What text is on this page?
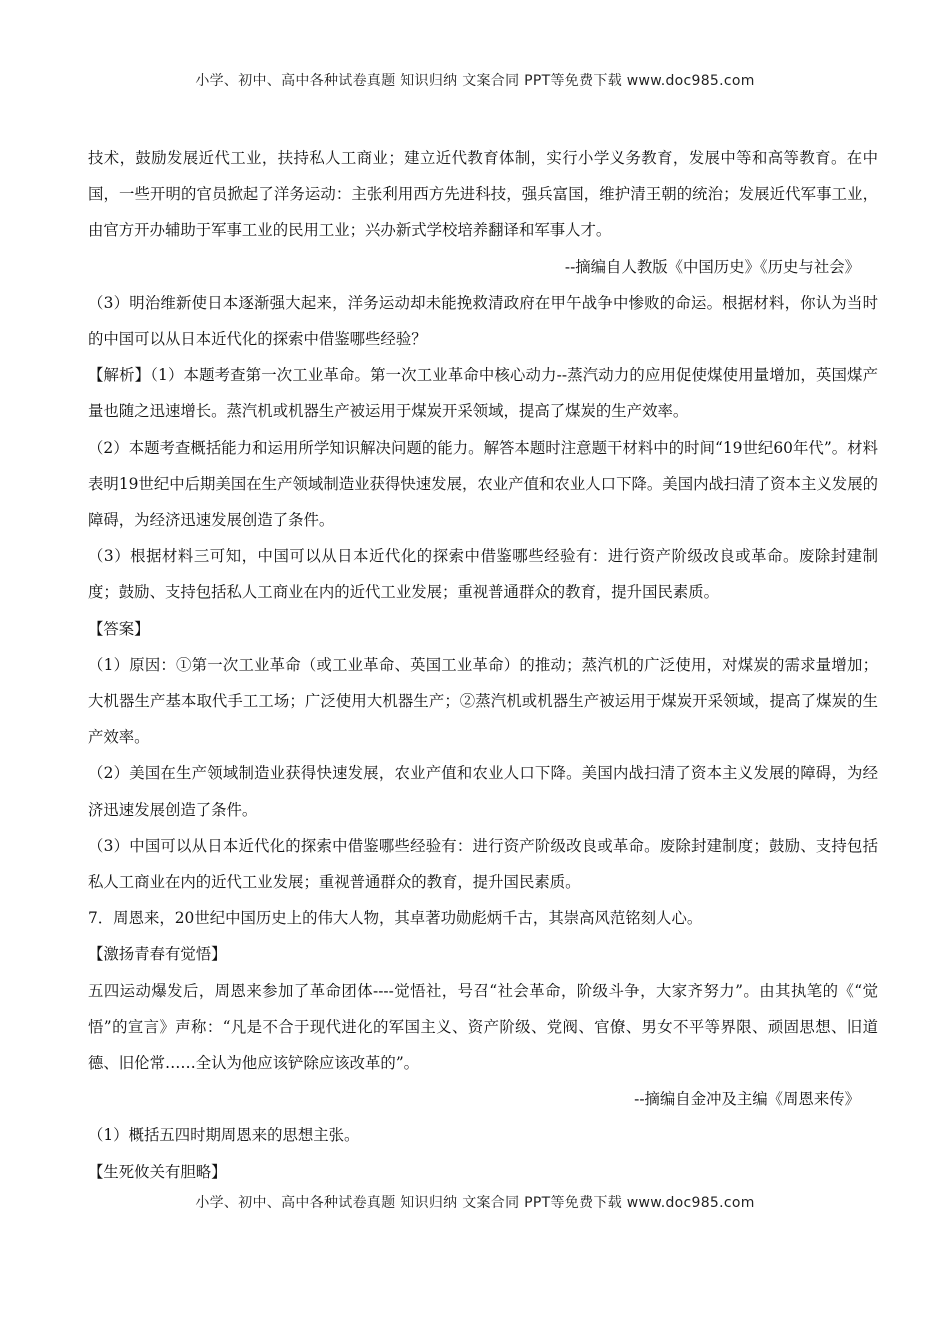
小学、初中、高中各种试卷真题 知识归纳 文案合同 PPT等免费下载 www.doc985.com

技术，鼓励发展近代工业，扶持私人工商业；建立近代教育体制，实行小学义务教育，发展中等和高等教育。在中国，一些开明的官员掀起了洋务运动：主张利用西方先进科技，强兵富国，维护清王朝的统治；发展近代军事工业，由官方开办辅助于军事工业的民用工业；兴办新式学校培养翻译和军事人才。

--摘编自人教版《中国历史》《历史与社会》

（3）明治维新使日本逐渐强大起来，洋务运动却未能挽救清政府在甲午战争中惨败的命运。根据材料，你认为当时的中国可以从日本近代化的探索中借鉴哪些经验？

【解析】（1）本题考查第一次工业革命。第一次工业革命中核心动力--蒸汽动力的应用促使煤使用量增加，英国煤产量也随之迅速增长。蒸汽机或机器生产被运用于煤炭开采领域，提高了煤炭的生产效率。

（2）本题考查概括能力和运用所学知识解决问题的能力。解答本题时注意题干材料中的时间“19世纪60年代”。材料表明19世纪中后期美国在生产领域制造业获得快速发展，农业产值和农业人口下降。美国内战扫清了资本主义发展的障碍，为经济迅速发展创造了条件。

（3）根据材料三可知，中国可以从日本近代化的探索中借鉴哪些经验有：进行资产阶级改良或革命。废除封建制度；鼓励、支持包括私人工商业在内的近代工业发展；重视普通群众的教育，提升国民素质。

【答案】

（1）原因：①第一次工业革命（或工业革命、英国工业革命）的推动；蒸汽机的广泛使用，对煤炭的需求量增加；大机器生产基本取代手工工场；广泛使用大机器生产；②蒸汽机或机器生产被运用于煤炭开采领域，提高了煤炭的生产效率。

（2）美国在生产领域制造业获得快速发展，农业产值和农业人口下降。美国内战扫清了资本主义发展的障碍，为经济迅速发展创造了条件。

（3）中国可以从日本近代化的探索中借鉴哪些经验有：进行资产阶级改良或革命。废除封建制度；鼓励、支持包括私人工商业在内的近代工业发展；重视普通群众的教育，提升国民素质。

7．周恩来，20世纪中国历史上的伟大人物，其卓著功勋彪炳千古，其崇高风范铭刻人心。

【激扬青春有觉悟】

五四运动爆发后，周恩来参加了革命团体----觉悟社，号召“社会革命，阶级斗争，大家齐努力”。由其执笔的《“觉悟”的宣言》声称：“凡是不合于现代进化的军国主义、资产阶级、党阀、官僚、男女不平等界限、顽固思想、旧道德、旧伦常……全认为他应该铲除应该改革的”。

--摘编自金冲及主编《周恩来传》

（1）概括五四时期周恩来的思想主张。

【生死攸关有胆略】

小学、初中、高中各种试卷真题 知识归纳 文案合同 PPT等免费下载 www.doc985.com
